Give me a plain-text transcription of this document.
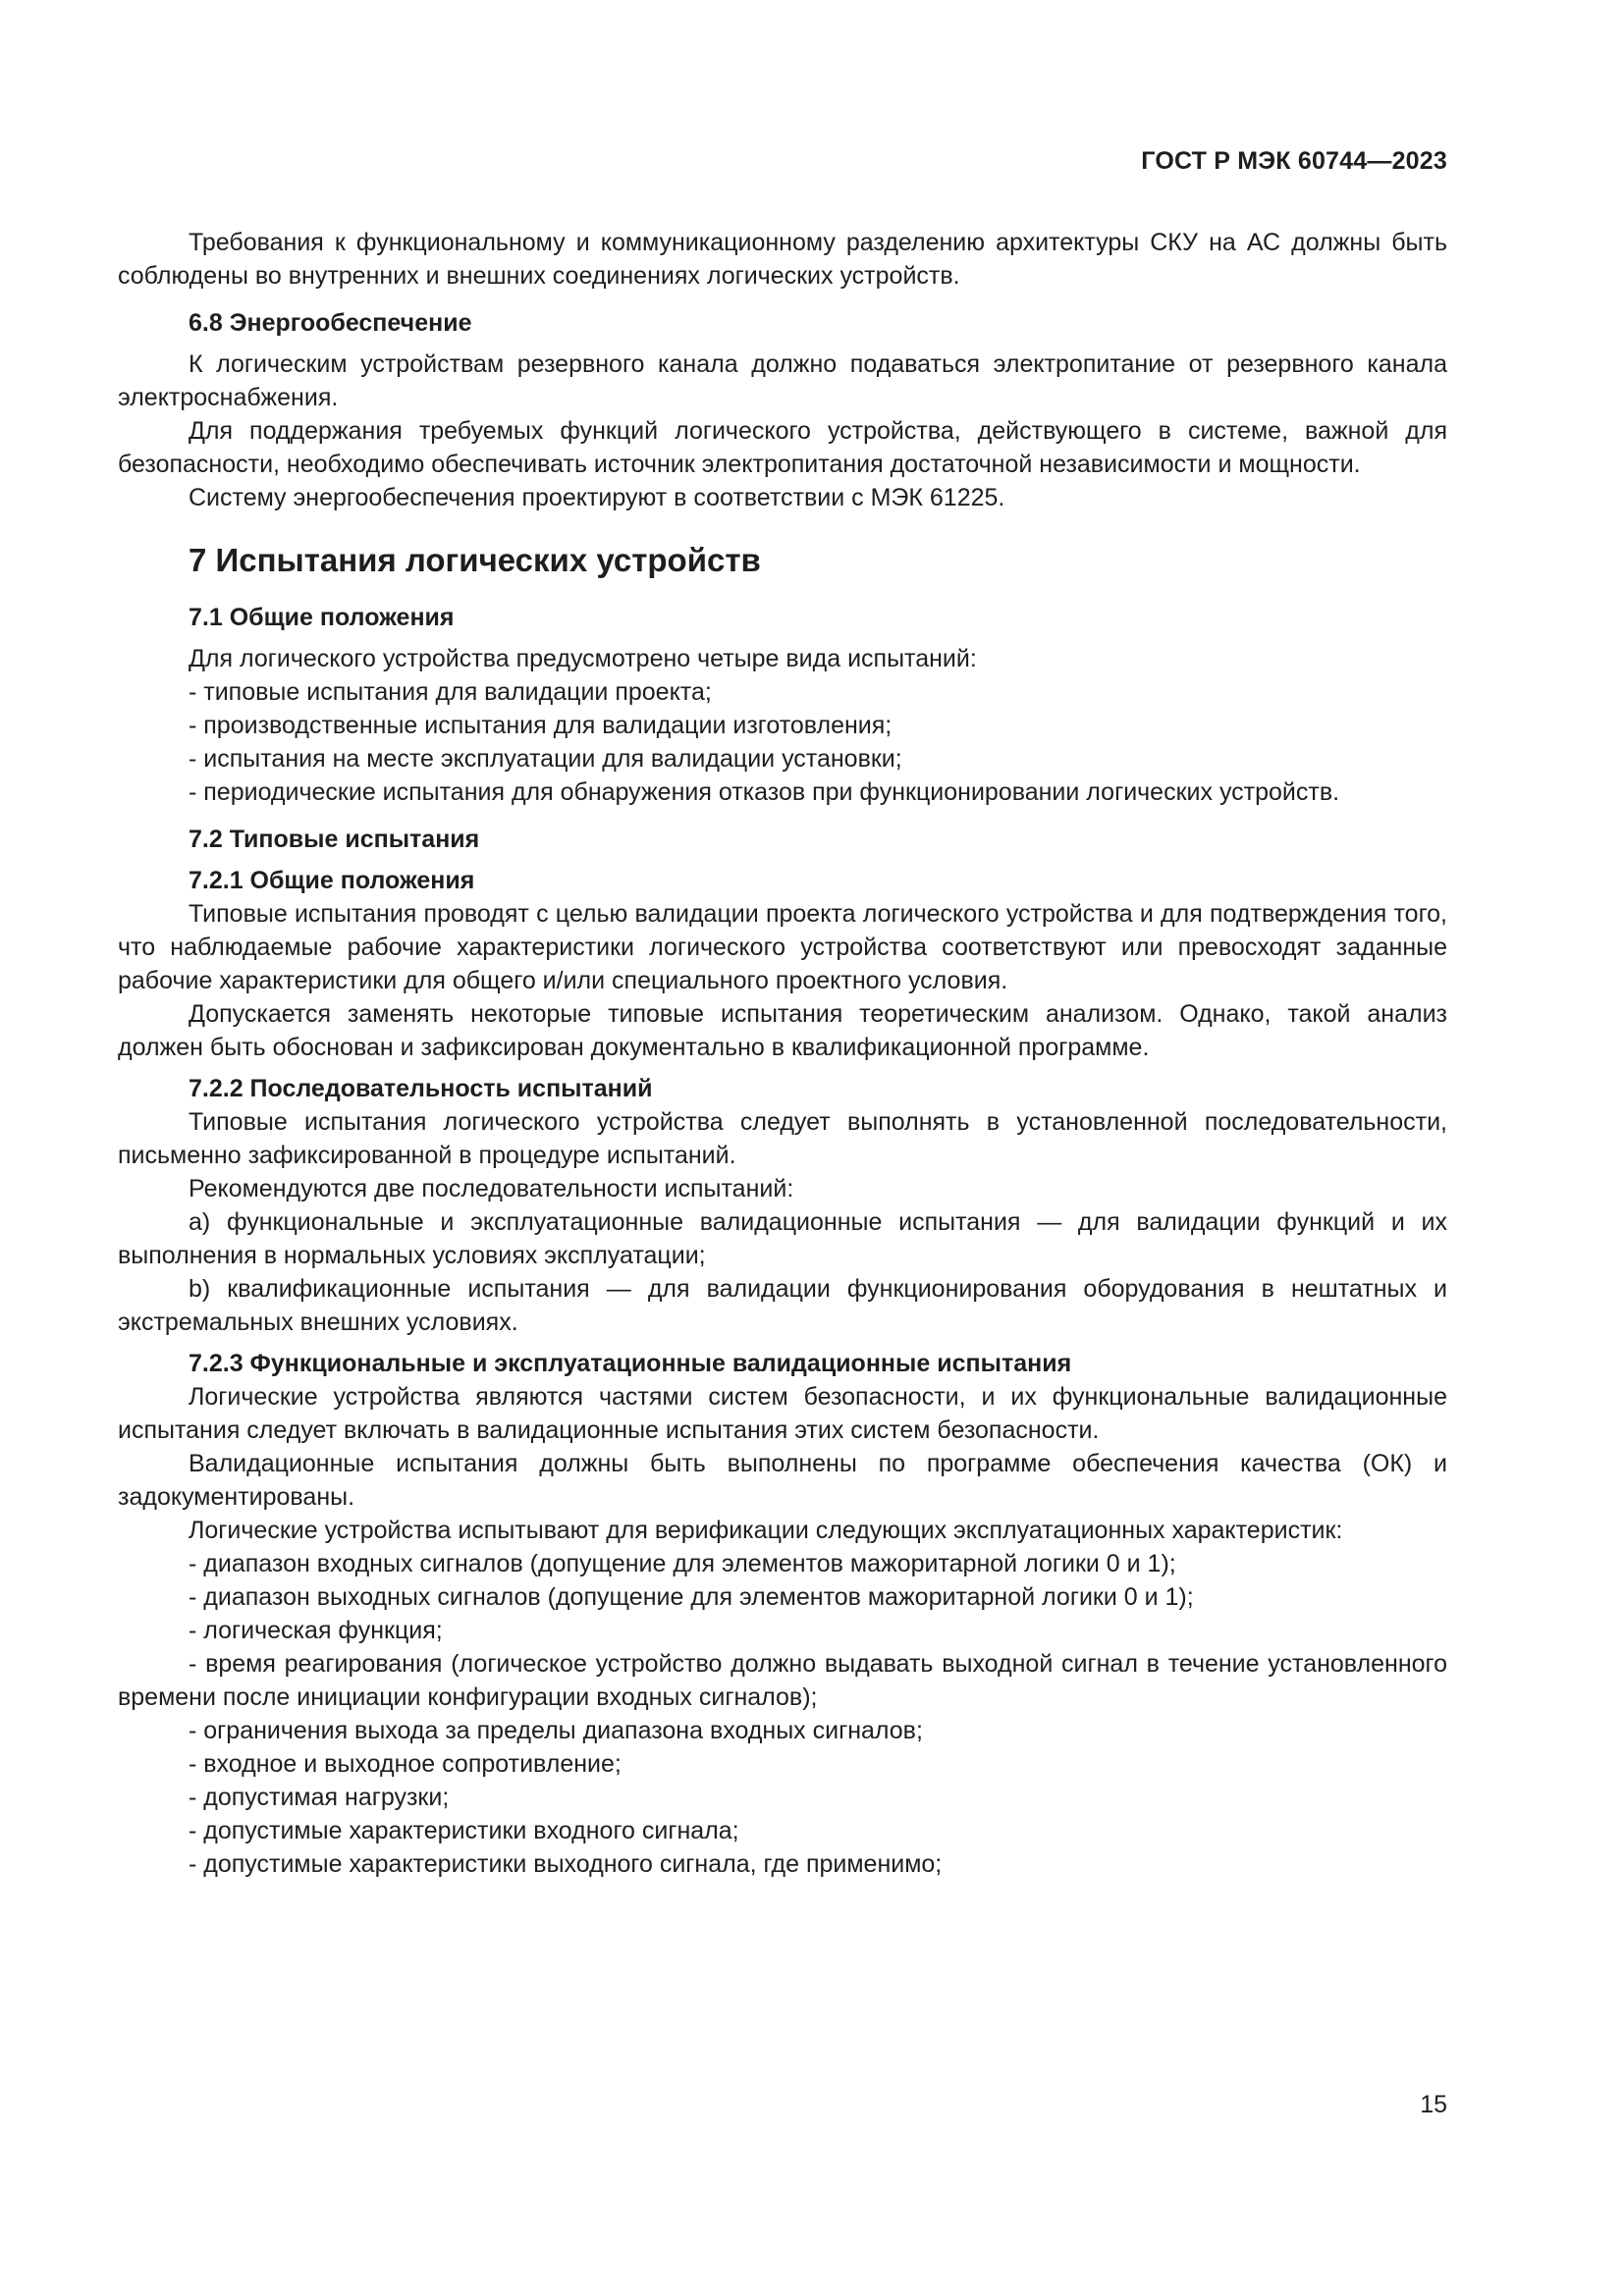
ГОСТ Р МЭК 60744—2023
Требования к функциональному и коммуникационному разделению архитектуры СКУ на АС должны быть соблюдены во внутренних и внешних соединениях логических устройств.
6.8 Энергообеспечение
К логическим устройствам резервного канала должно подаваться электропитание от резервного канала электроснабжения.
Для поддержания требуемых функций логического устройства, действующего в системе, важной для безопасности, необходимо обеспечивать источник электропитания достаточной независимости и мощности.
Систему энергообеспечения проектируют в соответствии с МЭК 61225.
7 Испытания логических устройств
7.1 Общие положения
Для логического устройства предусмотрено четыре вида испытаний:
- типовые испытания для валидации проекта;
- производственные испытания для валидации изготовления;
- испытания на месте эксплуатации для валидации установки;
- периодические испытания для обнаружения отказов при функционировании логических устройств.
7.2 Типовые испытания
7.2.1 Общие положения
Типовые испытания проводят с целью валидации проекта логического устройства и для подтверждения того, что наблюдаемые рабочие характеристики логического устройства соответствуют или превосходят заданные рабочие характеристики для общего и/или специального проектного условия.
Допускается заменять некоторые типовые испытания теоретическим анализом. Однако, такой анализ должен быть обоснован и зафиксирован документально в квалификационной программе.
7.2.2 Последовательность испытаний
Типовые испытания логического устройства следует выполнять в установленной последовательности, письменно зафиксированной в процедуре испытаний.
Рекомендуются две последовательности испытаний:
a) функциональные и эксплуатационные валидационные испытания — для валидации функций и их выполнения в нормальных условиях эксплуатации;
b) квалификационные испытания — для валидации функционирования оборудования в нештатных и экстремальных внешних условиях.
7.2.3 Функциональные и эксплуатационные валидационные испытания
Логические устройства являются частями систем безопасности, и их функциональные валидационные испытания следует включать в валидационные испытания этих систем безопасности.
Валидационные испытания должны быть выполнены по программе обеспечения качества (ОК) и задокументированы.
Логические устройства испытывают для верификации следующих эксплуатационных характеристик:
- диапазон входных сигналов (допущение для элементов мажоритарной логики 0 и 1);
- диапазон выходных сигналов (допущение для элементов мажоритарной логики 0 и 1);
- логическая функция;
- время реагирования (логическое устройство должно выдавать выходной сигнал в течение установленного времени после инициации конфигурации входных сигналов);
- ограничения выхода за пределы диапазона входных сигналов;
- входное и выходное сопротивление;
- допустимая нагрузки;
- допустимые характеристики входного сигнала;
- допустимые характеристики выходного сигнала, где применимо;
15
